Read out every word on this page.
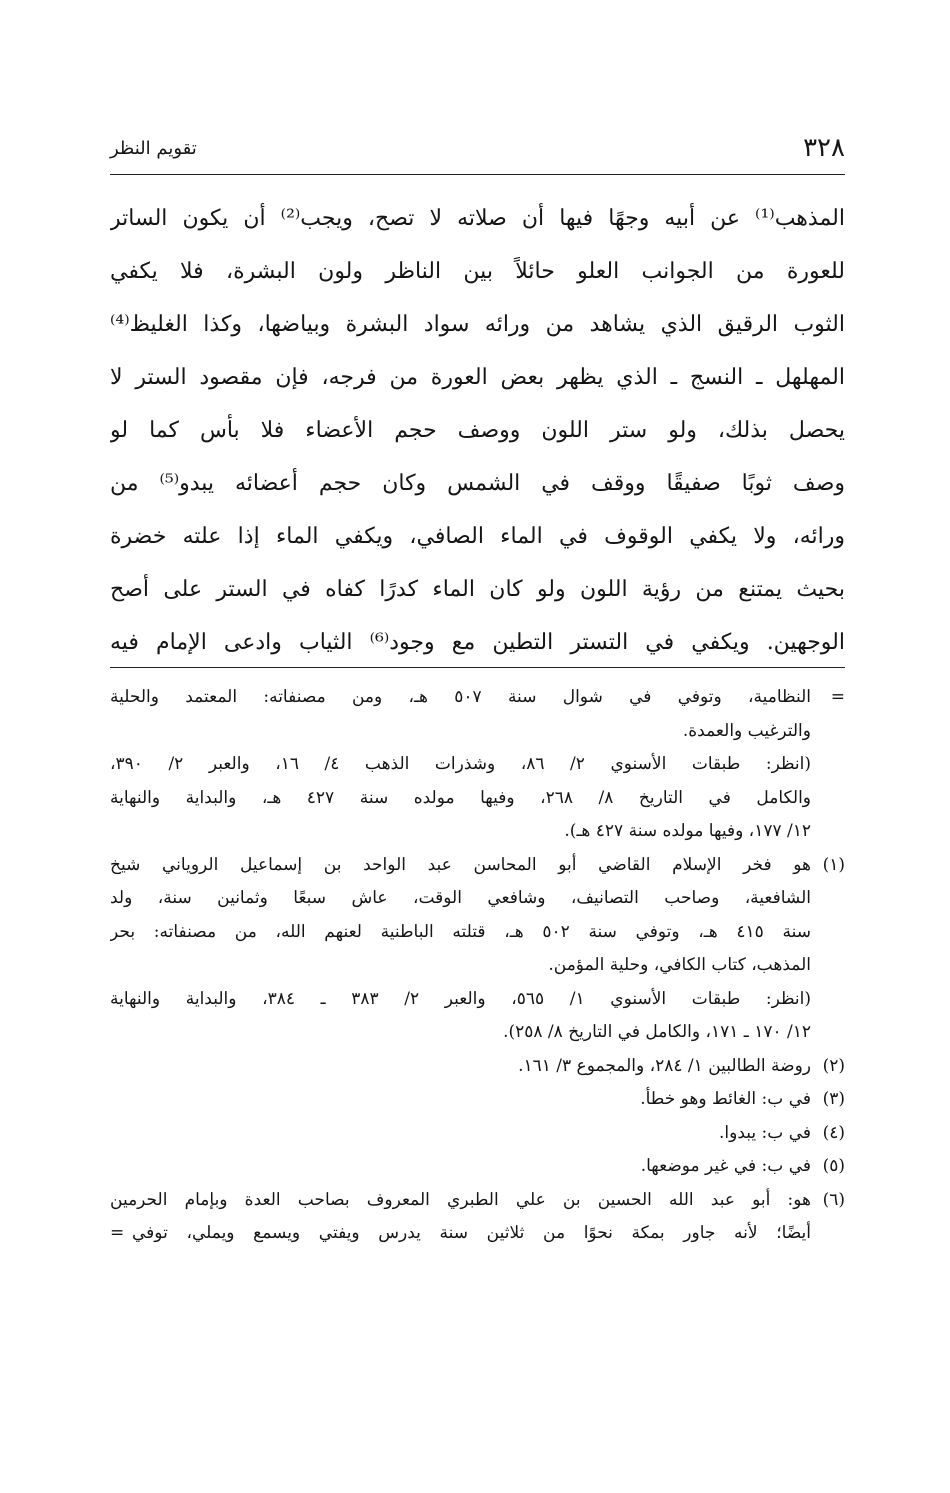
٣٢٨
تقويم النظر
المذهب⁽¹⁾ عن أبيه وجهًا فيها أن صلاته لا تصح، ويجب⁽²⁾ أن يكون الساتر
للعورة من الجوانب العلو حائلاً بين الناظر ولون البشرة، فلا يكفي
الثوب الرقيق الذي يشاهد من ورائه سواد البشرة وبياضها، وكذا الغليظ⁽⁴⁾
المهلهل ـ النسج ـ الذي يظهر بعض العورة من فرجه، فإن مقصود الستر لا
يحصل بذلك، ولو ستر اللون ووصف حجم الأعضاء فلا بأس كما لو
وصف ثوبًا صفيقًا ووقف في الشمس وكان حجم أعضائه يبدو⁽⁵⁾ من
ورائه، ولا يكفي الوقوف في الماء الصافي، ويكفي الماء إذا علته خضرة
بحيث يمتنع من رؤية اللون ولو كان الماء كدرًا كفاه في الستر على أصح
الوجهين. ويكفي في التستر التطين مع وجود⁽⁶⁾ الثياب وادعى الإمام فيه
=
النظامية، وتوفي في شوال سنة ٥٠٧ هـ، ومن مصنفاته: المعتمد والحلية
والترغيب والعمدة.
(انظر: طبقات الأسنوي ٢/ ٨٦، وشذرات الذهب ٤/ ١٦، والعبر ٢/ ٣٩٠،
والكامل في التاريخ ٨/ ٢٦٨، وفيها مولده سنة ٤٢٧ هـ، والبداية والنهاية
١٢/ ١٧٧، وفيها مولده سنة ٤٢٧ هـ).
(١)
هو فخر الإسلام القاضي أبو المحاسن عبد الواحد بن إسماعيل الروياني شيخ
الشافعية، وصاحب التصانيف، وشافعي الوقت، عاش سبعًا وثمانين سنة، ولد
سنة ٤١٥ هـ، وتوفي سنة ٥٠٢ هـ، قتلته الباطنية لعنهم الله، من مصنفاته: بحر
المذهب، كتاب الكافي، وحلية المؤمن.
(انظر: طبقات الأسنوي ١/ ٥٦٥، والعبر ٢/ ٣٨٣ ـ ٣٨٤، والبداية والنهاية
١٢/ ١٧٠ ـ ١٧١، والكامل في التاريخ ٨/ ٢٥٨).
(٢)
روضة الطالبين ١/ ٢٨٤، والمجموع ٣/ ١٦١.
(٣)
في ب: الغائط وهو خطأ.
(٤)
في ب: يبدوا.
(٥)
في ب: في غير موضعها.
(٦)
هو: أبو عبد الله الحسين بن علي الطبري المعروف بصاحب العدة وبإمام الحرمين
أيضًا؛ لأنه جاور بمكة نحوًا من ثلاثين سنة يدرس ويفتي ويسمع ويملي، توفي
=
